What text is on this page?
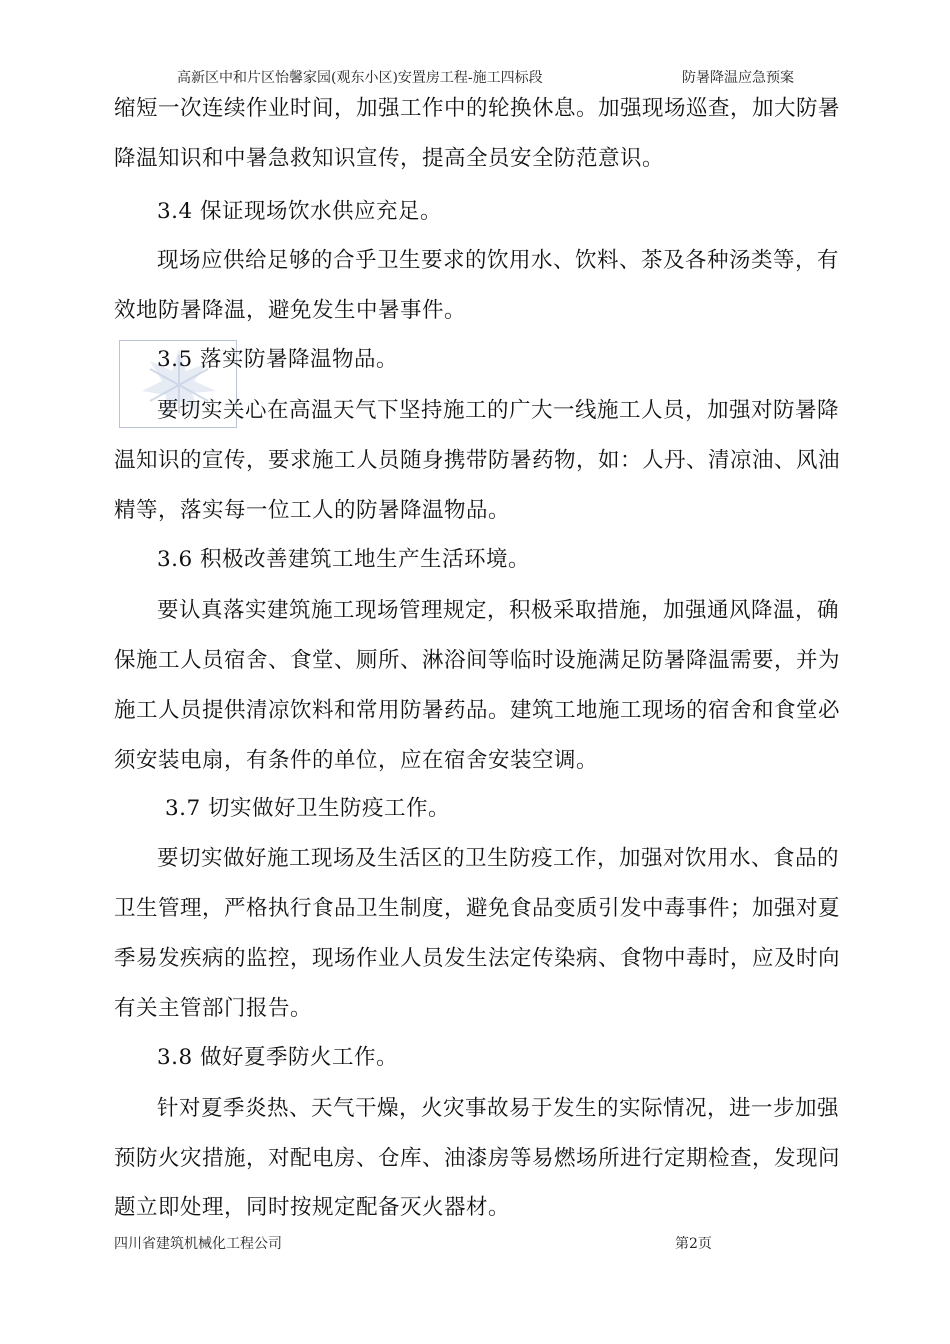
高新区中和片区怡馨家园(观东小区)安置房工程-施工四标段	防暑降温应急预案
缩短一次连续作业时间，加强工作中的轮换休息。加强现场巡查，加大防暑
降温知识和中暑急救知识宣传，提高全员安全防范意识。
3.4 保证现场饮水供应充足。
现场应供给足够的合乎卫生要求的饮用水、饮料、茶及各种汤类等，有
效地防暑降温，避免发生中暑事件。
3.5 落实防暑降温物品。
要切实关心在高温天气下坚持施工的广大一线施工人员，加强对防暑降
温知识的宣传，要求施工人员随身携带防暑药物，如：人丹、清凉油、风油
精等，落实每一位工人的防暑降温物品。
3.6 积极改善建筑工地生产生活环境。
要认真落实建筑施工现场管理规定，积极采取措施，加强通风降温，确
保施工人员宿舍、食堂、厕所、淋浴间等临时设施满足防暑降温需要，并为
施工人员提供清凉饮料和常用防暑药品。建筑工地施工现场的宿舍和食堂必
须安装电扇，有条件的单位，应在宿舍安装空调。
3.7 切实做好卫生防疫工作。
要切实做好施工现场及生活区的卫生防疫工作，加强对饮用水、食品的
卫生管理，严格执行食品卫生制度，避免食品变质引发中毒事件；加强对夏
季易发疾病的监控，现场作业人员发生法定传染病、食物中毒时，应及时向
有关主管部门报告。
3.8 做好夏季防火工作。
针对夏季炎热、天气干燥，火灾事故易于发生的实际情况，进一步加强
预防火灾措施，对配电房、仓库、油漆房等易燃场所进行定期检查，发现问
题立即处理，同时按规定配备灭火器材。
四川省建筑机械化工程公司	第2页
